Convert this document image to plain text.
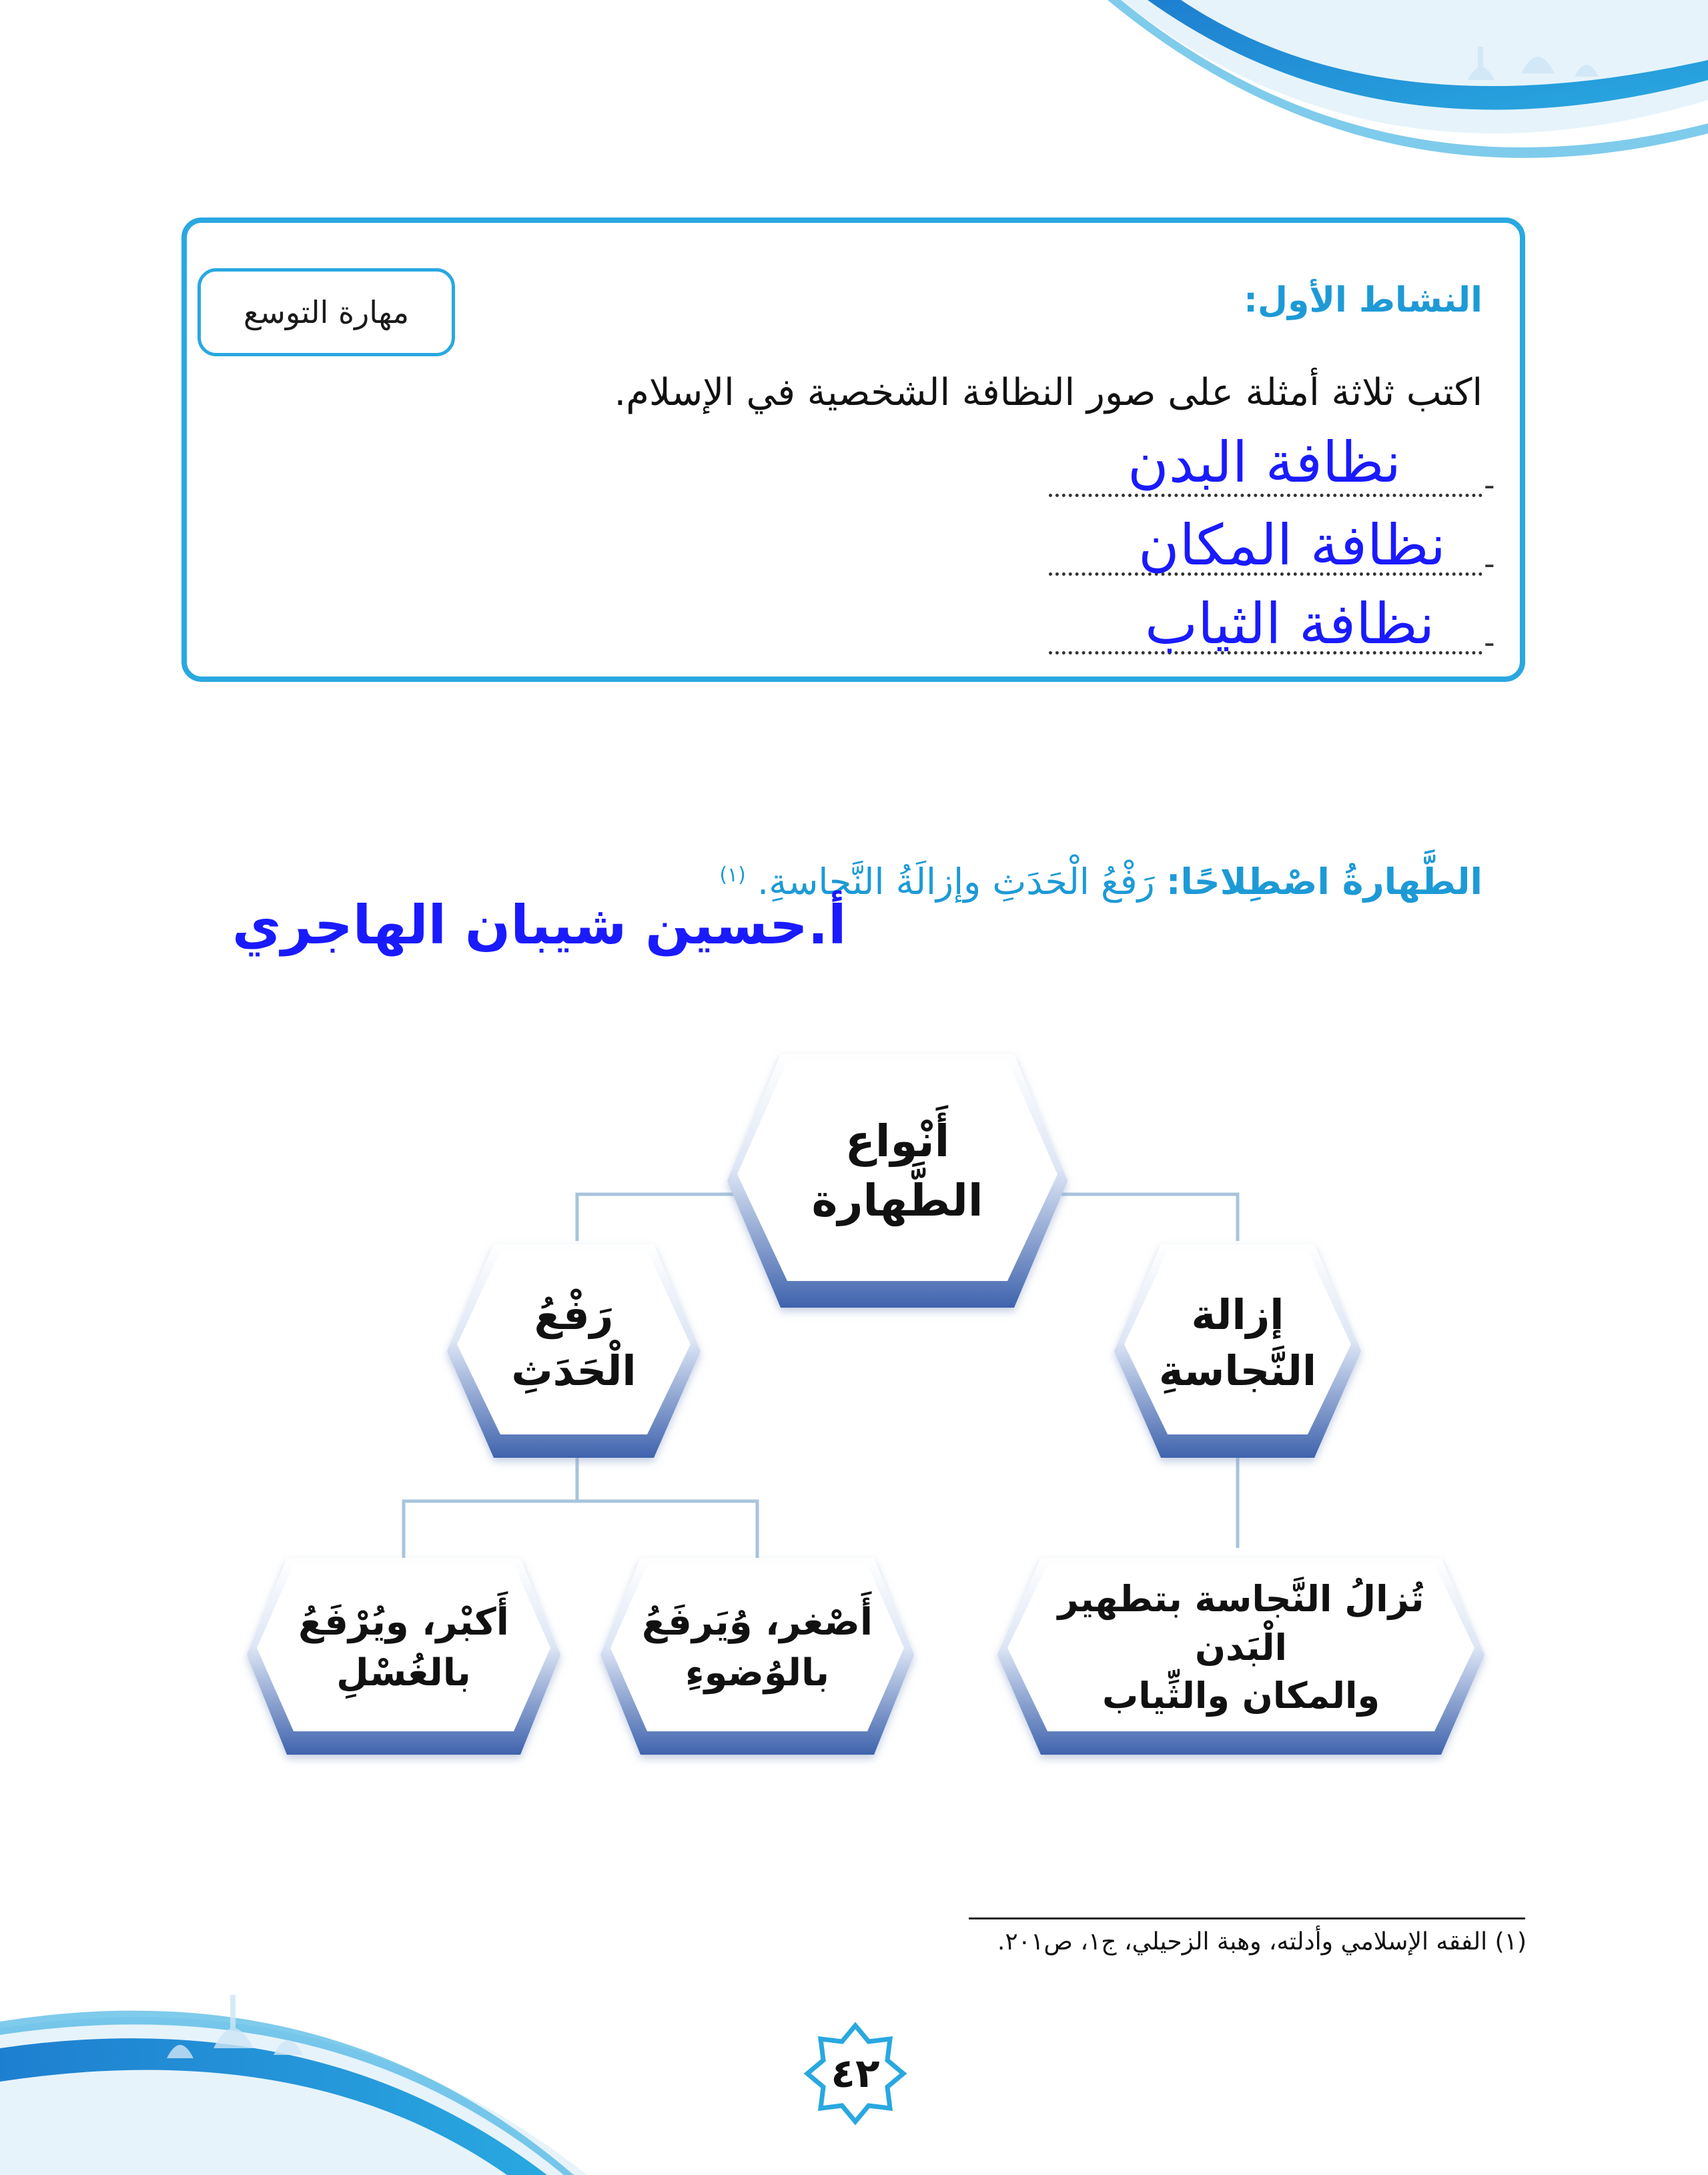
مهارة التوسع	النشاط الأول:
اكتب ثلاثة أمثلة على صور النظافة الشخصية في الإسلام.
-
نظافة البدن
-
نظافة المكان
-
نظافة الثياب
الطَّهارةُ اصْطِلاحًا: رَفْعُ الْحَدَثِ وإزالَةُ النَّجاسةِ. $^{(١)}$
أ.حسين شيبان الهاجري
أَنْواع
الطَّهارة
رَفْعُ
الْحَدَثِ
إزالة
النَّجاسةِ
أَكبْر، ويُرْفَعُ
بالغُسْلِ
أَصْغر، وُيَرفَعُ
بالوُضوءِ
تُزالُ النَّجاسة بتطهير الْبَدن
والمكان والثِّياب
(١) الفقه الإسلامي وأدلته، وهبة الزحيلي، ج١، ص٢٠١.
٤٢
